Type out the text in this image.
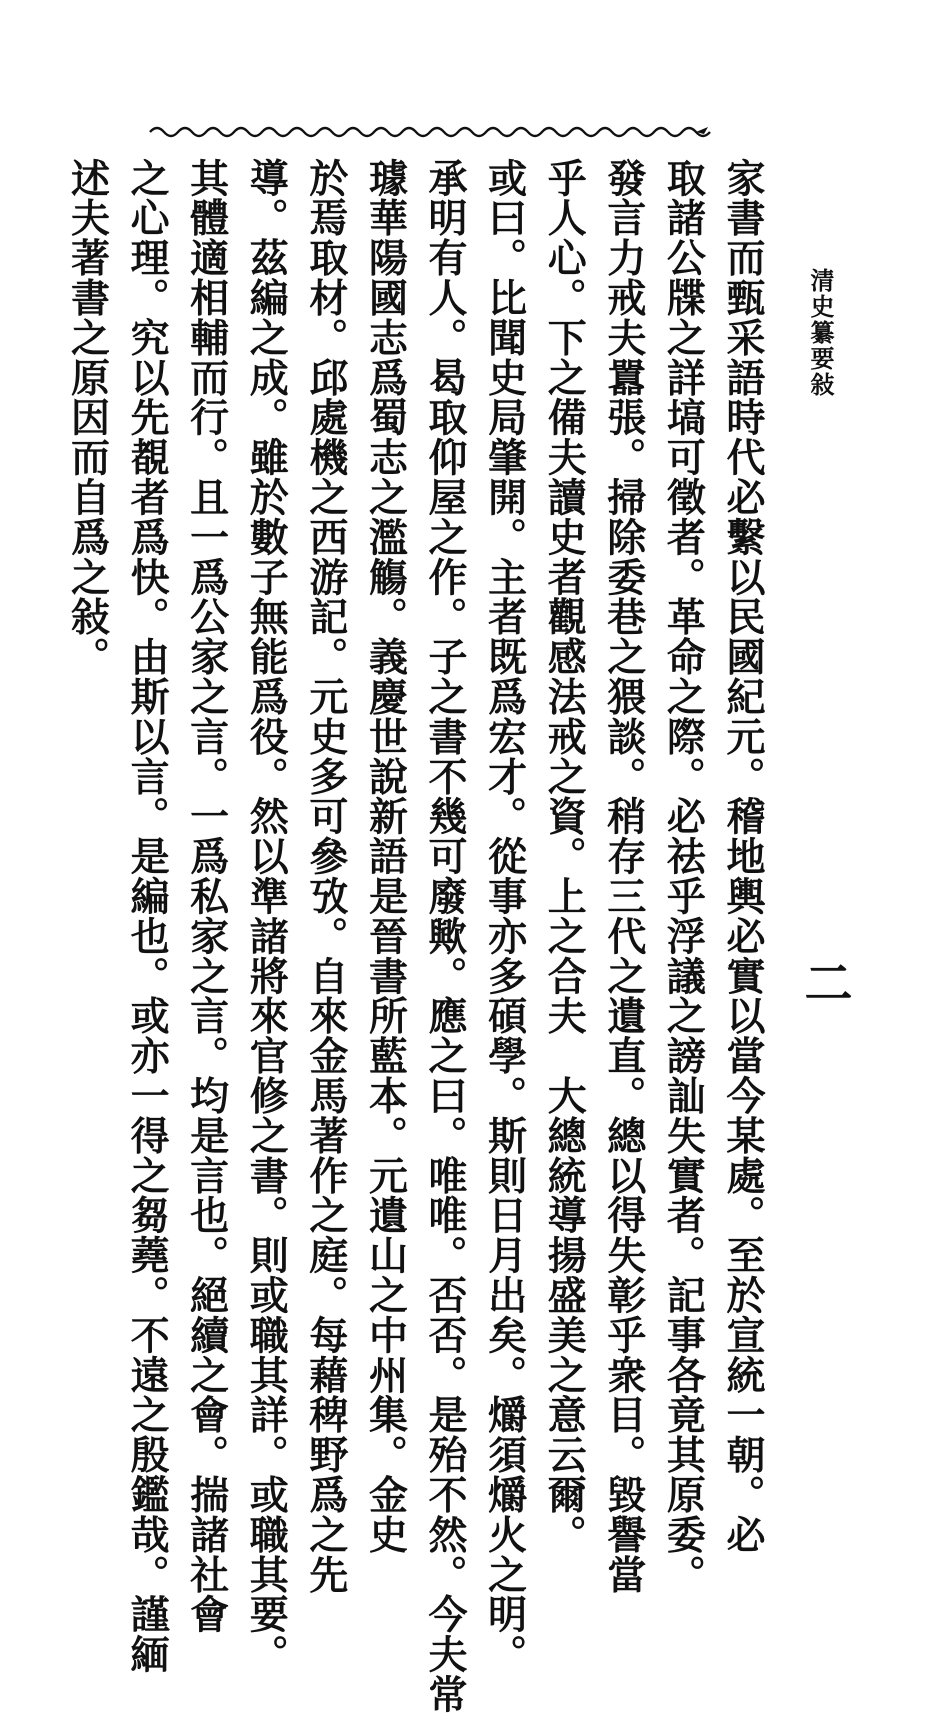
清史纂要敍
二
家書而甄采語時代必繫以民國紀元。稽地輿必實以當今某處。至於宣統一朝。必
取諸公牒之詳塙可徵者。革命之際。必祛乎浮議之謗訕失實者。記事各竟其原委。
發言力戒夫囂張。掃除委巷之猥談。稍存三代之遺直。總以得失彰乎衆目。毀譽當
乎人心。下之備夫讀史者觀感法戒之資。上之合夫　大總統導揚盛美之意云爾。
或曰。比聞史局肇開。主者既爲宏才。從事亦多碩學。斯則日月出矣。爝須爝火之明。
承明有人。曷取仰屋之作。子之書不幾可廢歟。應之曰。唯唯。否否。是殆不然。今夫常
璩華陽國志爲蜀志之濫觴。義慶世說新語是晉書所藍本。元遺山之中州集。金史
於焉取材。邱處機之西游記。元史多可參攷。自來金馬著作之庭。每藉稗野爲之先
導。茲編之成。雖於數子無能爲役。然以準諸將來官修之書。則或職其詳。或職其要。
其體適相輔而行。且一爲公家之言。一爲私家之言。均是言也。絕續之會。揣諸社會
之心理。究以先覩者爲快。由斯以言。是編也。或亦一得之芻蕘。不遠之殷鑑哉。謹緬
述夫著書之原因而自爲之敍。
